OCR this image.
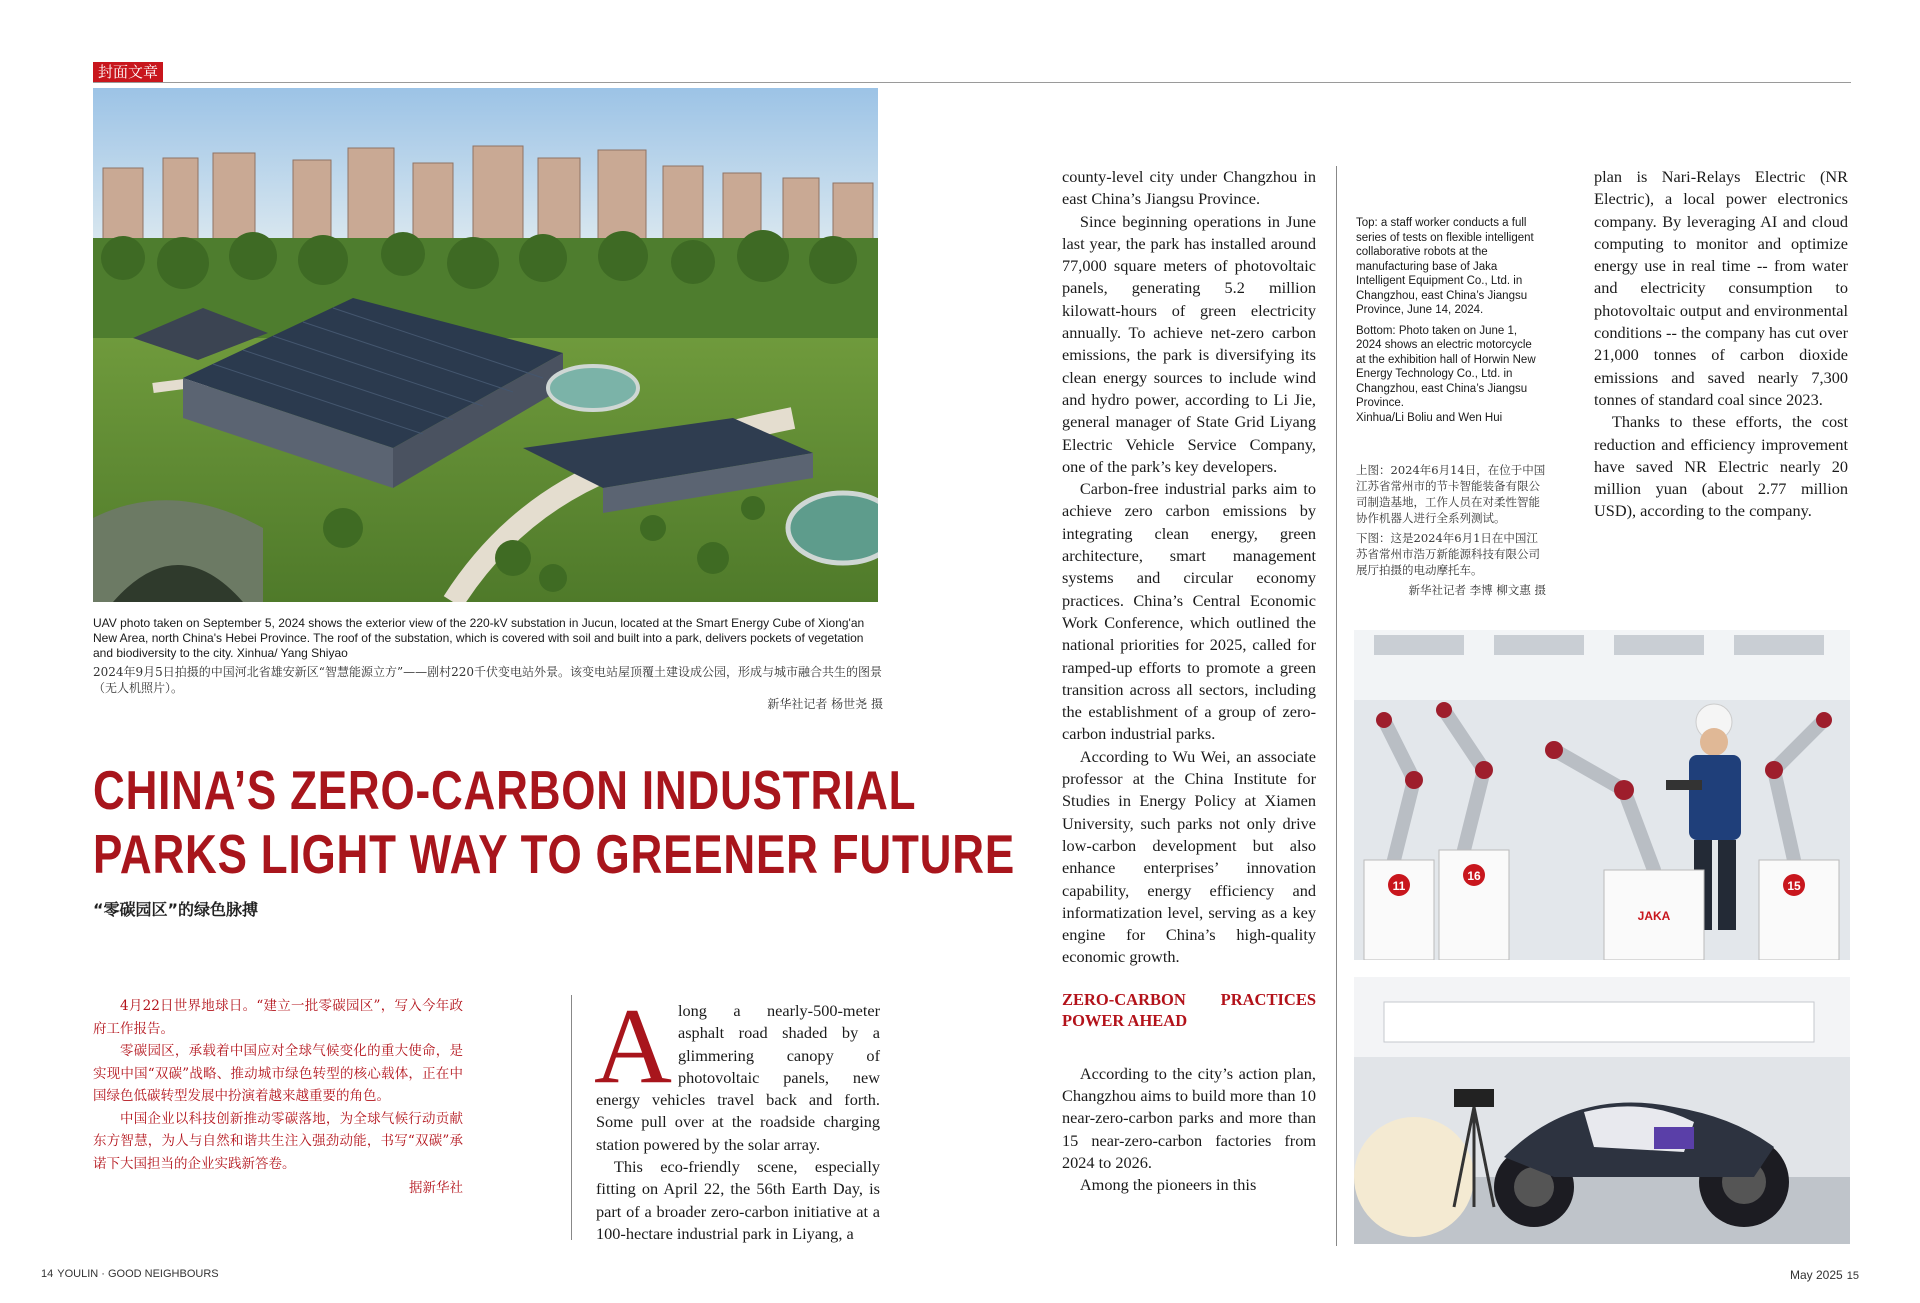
封面文章
UAV photo taken on September 5, 2024 shows the exterior view of the 220-kV substation in Jucun, located at the Smart Energy Cube of Xiong'an New Area, north China's Hebei Province. The roof of the substation, which is covered with soil and built into a park, delivers pockets of vegetation and biodiversity to the city. Xinhua/ Yang Shiyao
2024年9月5日拍摄的中国河北省雄安新区“智慧能源立方”——剧村220千伏变电站外景。该变电站屋顶覆土建设成公园，形成与城市融合共生的图景（无人机照片）。
新华社记者 杨世尧 摄
CHINA’S ZERO-CARBON INDUSTRIAL
PARKS LIGHT WAY TO GREENER FUTURE
“零碳园区”的绿色脉搏

4月22日世界地球日。“建立一批零碳园区”，写入今年政府工作报告。

零碳园区，承载着中国应对全球气候变化的重大使命，是实现中国“双碳”战略、推动城市绿色转型的核心载体，正在中国绿色低碳转型发展中扮演着越来越重要的角色。

中国企业以科技创新推动零碳落地，为全球气候行动贡献东方智慧，为人与自然和谐共生注入强劲动能，书写“双碳”承诺下大国担当的企业实践新答卷。

据新华社

Along a nearly-500-meter asphalt road shaded by a glimmering canopy of photovoltaic panels, new energy vehicles travel back and forth. Some pull over at the roadside charging station powered by the solar array.

This eco-friendly scene, especially fitting on April 22, the 56th Earth Day, is part of a broader zero-carbon initiative at a 100-hectare industrial park in Liyang, a

county-level city under Changzhou in east China’s Jiangsu Province.

Since beginning operations in June last year, the park has installed around 77,000 square meters of photovoltaic panels, generating 5.2 million kilowatt-hours of green electricity annually. To achieve net-zero carbon emissions, the park is diversifying its clean energy sources to include wind and hydro power, according to Li Jie, general manager of State Grid Liyang Electric Vehicle Service Company, one of the park’s key developers.

Carbon-free industrial parks aim to achieve zero carbon emissions by integrating clean energy, green architecture, smart management systems and circular economy practices. China’s Central Economic Work Conference, which outlined the national priorities for 2025, called for ramped-up efforts to promote a green transition across all sectors, including the establishment of a group of zero-carbon industrial parks.

According to Wu Wei, an associate professor at the China Institute for Studies in Energy Policy at Xiamen University, such parks not only drive low-carbon development but also enhance enterprises’ innovation capability, energy efficiency and informatization level, serving as a key engine for China’s high-quality economic growth.

ZERO-CARBON PRACTICES POWER AHEAD

According to the city’s action plan, Changzhou aims to build more than 10 near-zero-carbon parks and more than 15 near-zero-carbon factories from 2024 to 2026.

Among the pioneers in this

Top: a staff worker conducts a full series of tests on flexible intelligent collaborative robots at the manufacturing base of Jaka Intelligent Equipment Co., Ltd. in Changzhou, east China’s Jiangsu Province, June 14, 2024.

Bottom: Photo taken on June 1, 2024 shows an electric motorcycle at the exhibition hall of Horwin New Energy Technology Co., Ltd. in Changzhou, east China’s Jiangsu Province.
Xinhua/Li Boliu and Wen Hui

上图：2024年6月14日，在位于中国江苏省常州市的节卡智能装备有限公司制造基地，工作人员在对柔性智能协作机器人进行全系列测试。

下图：这是2024年6月1日在中国江苏省常州市浩万新能源科技有限公司展厅拍摄的电动摩托车。

新华社记者 李博 柳文惠 摄

plan is Nari-Relays Electric (NR Electric), a local power electronics company. By leveraging AI and cloud computing to monitor and optimize energy use in real time -- from water and electricity consumption to photovoltaic output and environmental conditions -- the company has cut over 21,000 tonnes of carbon dioxide emissions and saved nearly 7,300 tonnes of standard coal since 2023.

Thanks to these efforts, the cost reduction and efficiency improvement have saved NR Electric nearly 20 million yuan (about 2.77 million USD), according to the company.

11
16
15
JAKA
14 YOULIN · GOOD NEIGHBOURS	May 2025 15
